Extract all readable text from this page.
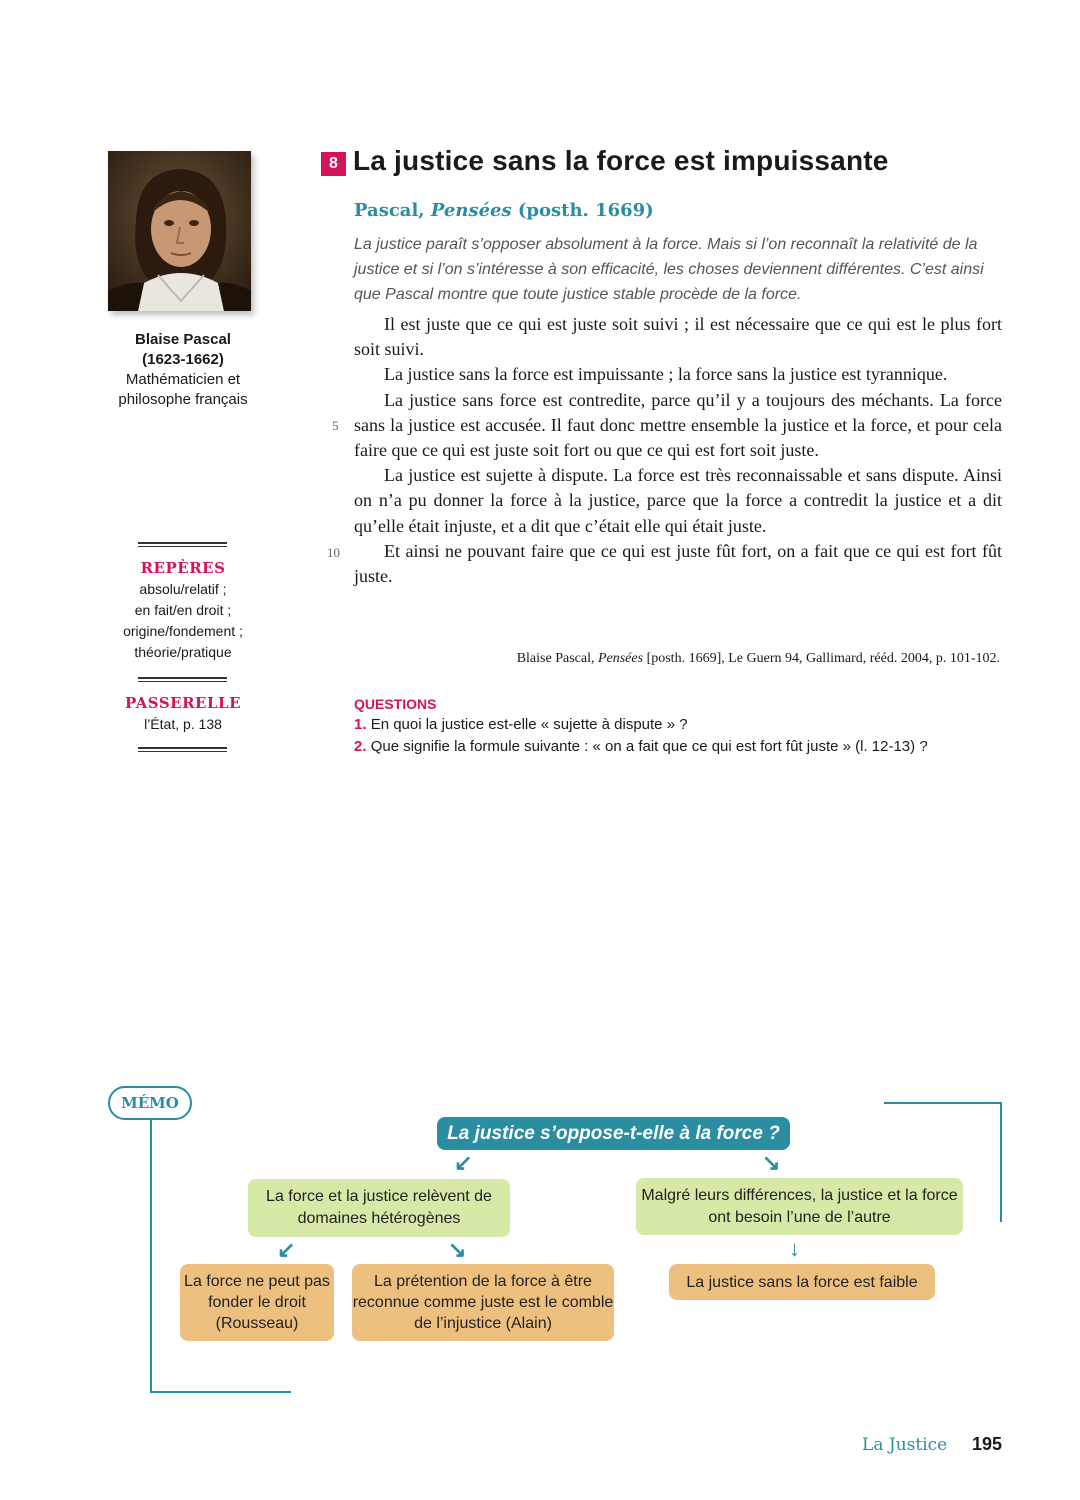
Blaise Pascal
(1623-1662)
Mathématicien et
philosophe français
REPÈRES
absolu/relatif ;
en fait/en droit ;
origine/fondement ;
théorie/pratique
PASSERELLE
l’État, p. 138
8 La justice sans la force est impuissante
Pascal, Pensées (posth. 1669)
La justice paraît s’opposer absolument à la force. Mais si l’on reconnaît la relativité de la justice et si l’on s’intéresse à son efficacité, les choses deviennent différentes. C’est ainsi que Pascal montre que toute justice stable procède de la force.
5
10

Il est juste que ce qui est juste soit suivi ; il est nécessaire que ce qui est le plus fort soit suivi.

La justice sans la force est impuissante ; la force sans la justice est tyrannique.

La justice sans force est contredite, parce qu’il y a toujours des méchants. La force sans la justice est accusée. Il faut donc mettre ensemble la justice et la force, et pour cela faire que ce qui est juste soit fort ou que ce qui est fort soit juste.

La justice est sujette à dispute. La force est très reconnaissable et sans dispute. Ainsi on n’a pu donner la force à la justice, parce que la force a contredit la justice et a dit qu’elle était injuste, et a dit que c’était elle qui était juste.

Et ainsi ne pouvant faire que ce qui est juste fût fort, on a fait que ce qui est fort fût juste.

Blaise Pascal, Pensées [posth. 1669], Le Guern 94, Gallimard, rééd. 2004, p. 101-102.
QUESTIONS
1. En quoi la justice est-elle « sujette à dispute » ?
2. Que signifie la formule suivante : « on a fait que ce qui est fort fût juste » (l. 12-13) ?
MÉMO
La justice s’oppose-t-elle à la force ?
↙	↘
La force et la justice relèvent de domaines hétérogènes
Malgré leurs différences, la justice et la force ont besoin l’une de l’autre
↙	↘	↓
La force ne peut pas fonder le droit (Rousseau)
La prétention de la force à être reconnue comme juste est le comble de l’injustice (Alain)
La justice sans la force est faible
La Justice 195
